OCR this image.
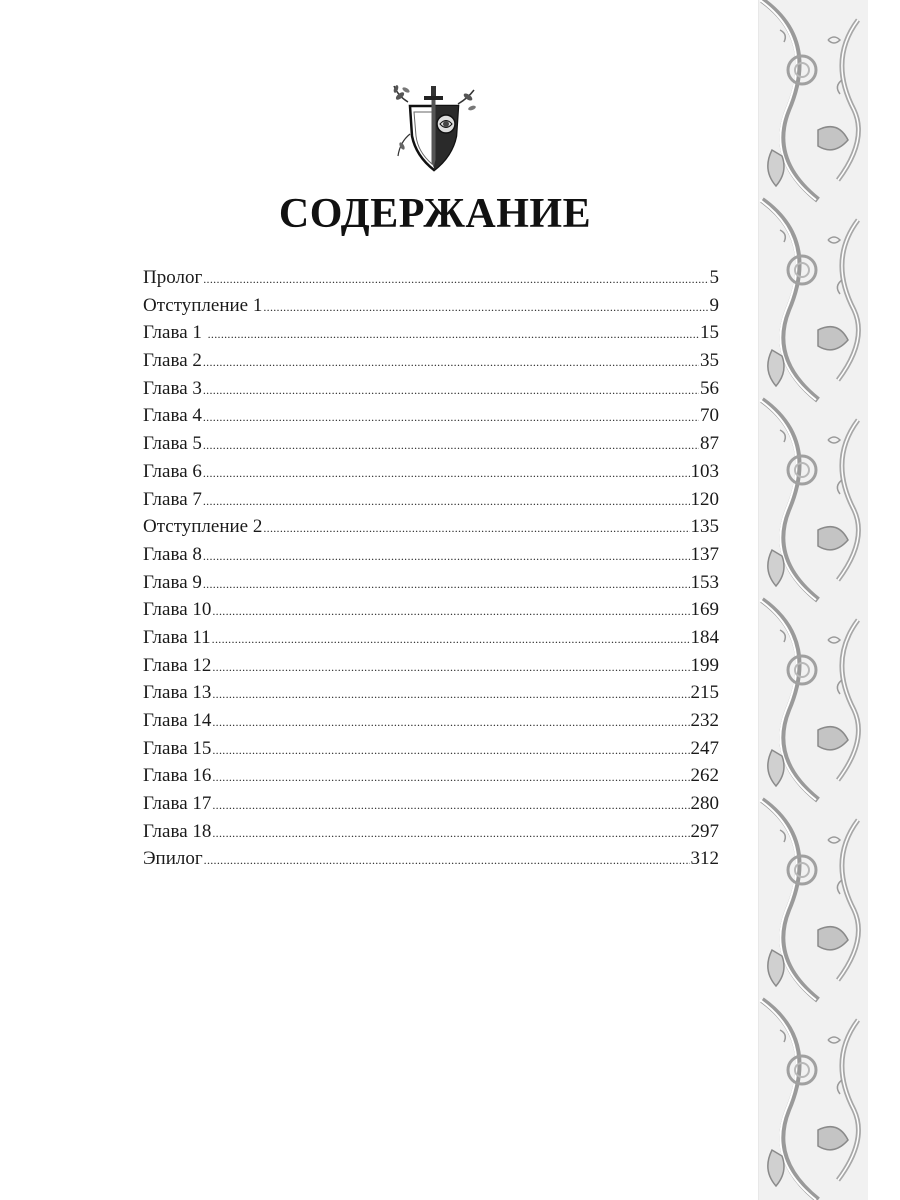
СОДЕРЖАНИЕ
Пролог .....	5
Отступление 1 .....	9
Глава 1 .....	15
Глава 2 .....	35
Глава 3 .....	56
Глава 4 .....	70
Глава 5 .....	87
Глава 6 .....	103
Глава 7 .....	120
Отступление 2 .....	135
Глава 8 .....	137
Глава 9 .....	153
Глава 10 .....	169
Глава 11 .....	184
Глава 12 .....	199
Глава 13 .....	215
Глава 14 .....	232
Глава 15 .....	247
Глава 16 .....	262
Глава 17 .....	280
Глава 18 .....	297
Эпилог .....	312
